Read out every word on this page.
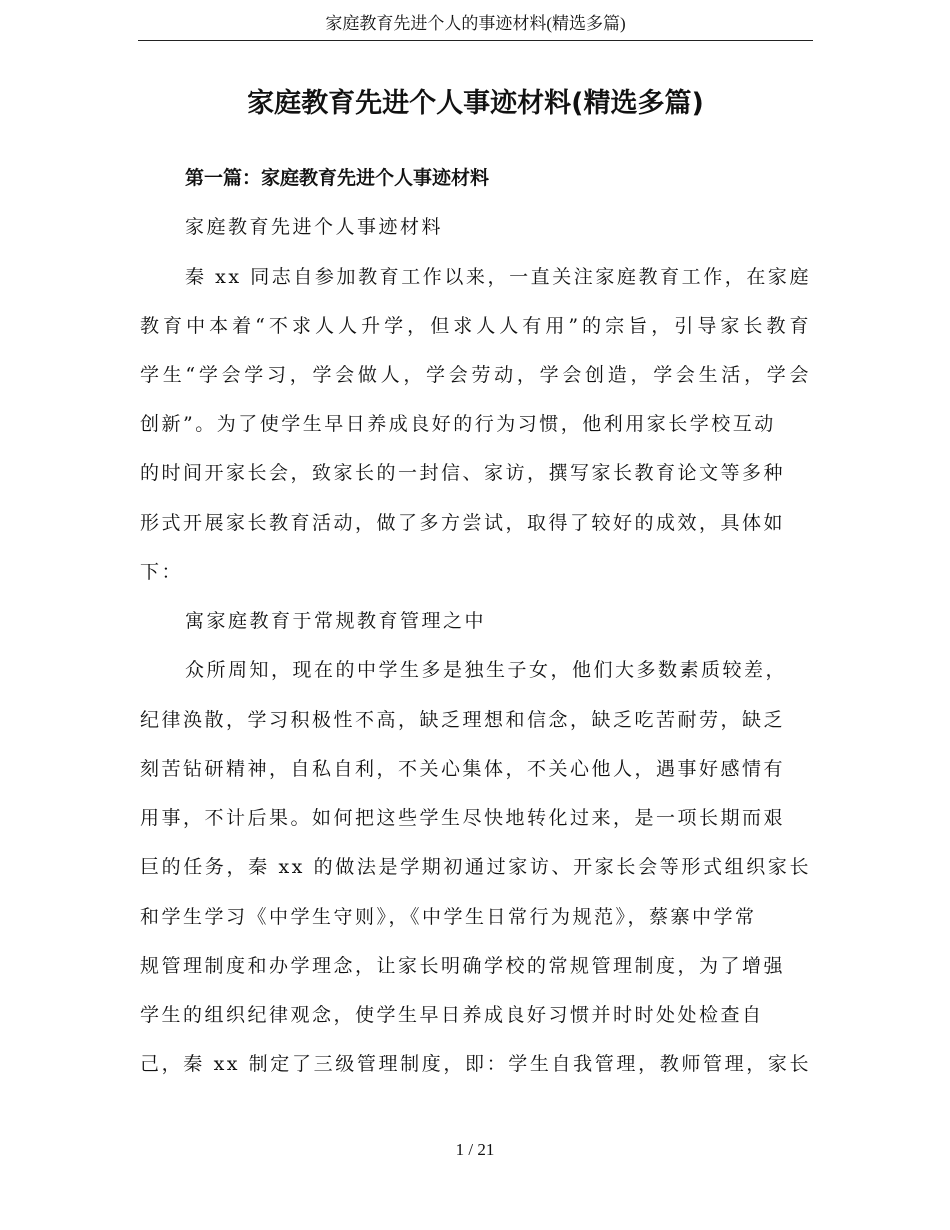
家庭教育先进个人的事迹材料(精选多篇)
家庭教育先进个人事迹材料(精选多篇)
第一篇：家庭教育先进个人事迹材料
家庭教育先进个人事迹材料
秦 xx 同志自参加教育工作以来，一直关注家庭教育工作，在家庭
教育中本着“不求人人升学，但求人人有用”的宗旨，引导家长教育
学生“学会学习，学会做人，学会劳动，学会创造，学会生活，学会
创新”。为了使学生早日养成良好的行为习惯，他利用家长学校互动
的时间开家长会，致家长的一封信、家访，撰写家长教育论文等多种
形式开展家长教育活动，做了多方尝试，取得了较好的成效，具体如
下：
寓家庭教育于常规教育管理之中
众所周知，现在的中学生多是独生子女，他们大多数素质较差，
纪律涣散，学习积极性不高，缺乏理想和信念，缺乏吃苦耐劳，缺乏
刻苦钻研精神，自私自利，不关心集体，不关心他人，遇事好感情有
用事，不计后果。如何把这些学生尽快地转化过来，是一项长期而艰
巨的任务，秦 xx 的做法是学期初通过家访、开家长会等形式组织家长
和学生学习《中学生守则》，《中学生日常行为规范》，蔡寨中学常
规管理制度和办学理念，让家长明确学校的常规管理制度，为了增强
学生的组织纪律观念，使学生早日养成良好习惯并时时处处检查自
己，秦 xx 制定了三级管理制度，即：学生自我管理，教师管理，家长
1 / 21
